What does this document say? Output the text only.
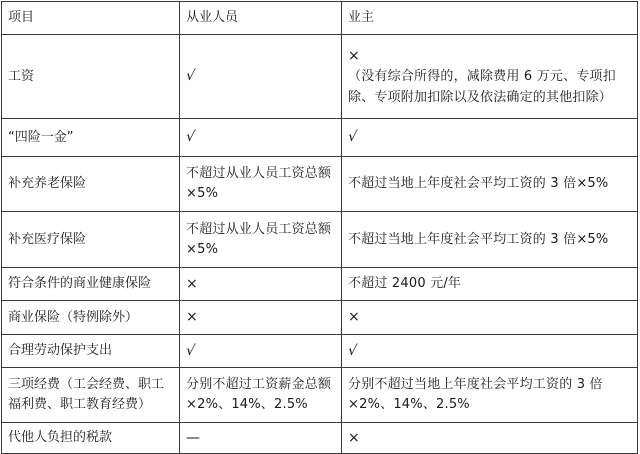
项目	从业人员	业主
工资	√	×
（没有综合所得的，减除费用 6 万元、专项扣除、专项附加扣除以及依法确定的其他扣除）

“四险一金”	√	√
补充养老保险	不超过从业人员工资总额×5%	不超过当地上年度社会平均工资的 3 倍×5%

补充医疗保险	不超过从业人员工资总额×5%	不超过当地上年度社会平均工资的 3 倍×5%

符合条件的商业健康保险	×	不超过 2400 元/年

商业保险（特例除外）	×	×
合理劳动保护支出	√	√
三项经费（工会经费、职工福利费、职工教育经费）	分别不超过工资薪金总额×2%、14%、2.5%	分别不超过当地上年度社会平均工资的 3 倍×2%、14%、2.5%

代他人负担的税款	—	×
